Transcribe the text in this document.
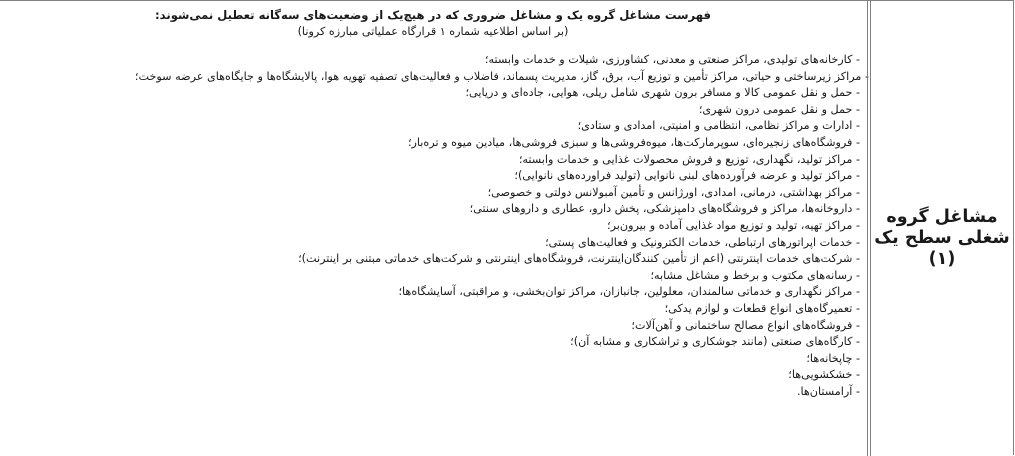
فهرست مشاغل گروه یک و مشاغل ضروری که در هیچ‌یک از وضعیت‌های سه‌گانه تعطیل نمی‌شوند:
(بر اساس اطلاعیه شماره ۱ قرارگاه عملیاتی مبارزه کرونا)
- کارخانه‌های تولیدی، مراکز صنعتی و معدنی، کشاورزی، شیلات و خدمات وابسته؛
- مراکز زیرساختی و حیاتی، مراکز تأمین و توزیع آب، برق، گاز، مدیریت پسماند، فاضلاب و فعالیت‌های تصفیه تهویه هوا، پالایشگاه‌ها و جایگاه‌های عرضه سوخت؛
- حمل و نقل عمومی کالا و مسافر برون شهری شامل ریلی، هوایی، جاده‌ای و دریایی؛
- حمل و نقل عمومی درون شهری؛
- ادارات و مراکز نظامی، انتظامی و امنیتی، امدادی و ستادی؛
- فروشگاه‌های زنجیره‌ای، سوپرمارکت‌ها، میوه‌فروشی‌ها و سبزی فروشی‌ها، میادین میوه و تره‌بار؛
- مراکز تولید، نگهداری، توزیع و فروش محصولات غذایی و خدمات وابسته؛
- مراکز تولید و عرضه فرآورده‌های لبنی نانوایی (تولید فراورده‌های نانوایی)؛
- مراکز بهداشتی، درمانی، امدادی، اورژانس و تأمین آمبولانس دولتی و خصوصی؛
- داروخانه‌ها، مراکز و فروشگاه‌های دامپزشکی، پخش دارو، عطاری و داروهای سنتی؛
- مراکز تهیه، تولید و توزیع مواد غذایی آماده و بیرون‌بر؛
- خدمات اپراتورهای ارتباطی، خدمات الکترونیک و فعالیت‌های پستی؛
- شرکت‌های خدمات اینترنتی (اعم از تأمین کنندگان‌اینترنت، فروشگاه‌های اینترنتی و شرکت‌های خدماتی مبتنی بر اینترنت)؛
- رسانه‌های مکتوب و برخط و مشاغل مشابه؛
- مراکز نگهداری و خدماتی سالمندان، معلولین، جانبازان، مراکز توان‌بخشی، و مراقبتی، آسایشگاه‌ها؛
- تعمیرگاه‌های انواع قطعات و لوازم یدکی؛
- فروشگاه‌های انواع مصالح ساختمانی و آهن‌آلات؛
- کارگاه‌های صنعتی (مانند جوشکاری و تراشکاری و مشابه آن)؛
- چاپخانه‌ها؛
- خشکشویی‌ها؛
- آرامستان‌ها.
مشاغل گروه
شغلی سطح یک
(۱)
